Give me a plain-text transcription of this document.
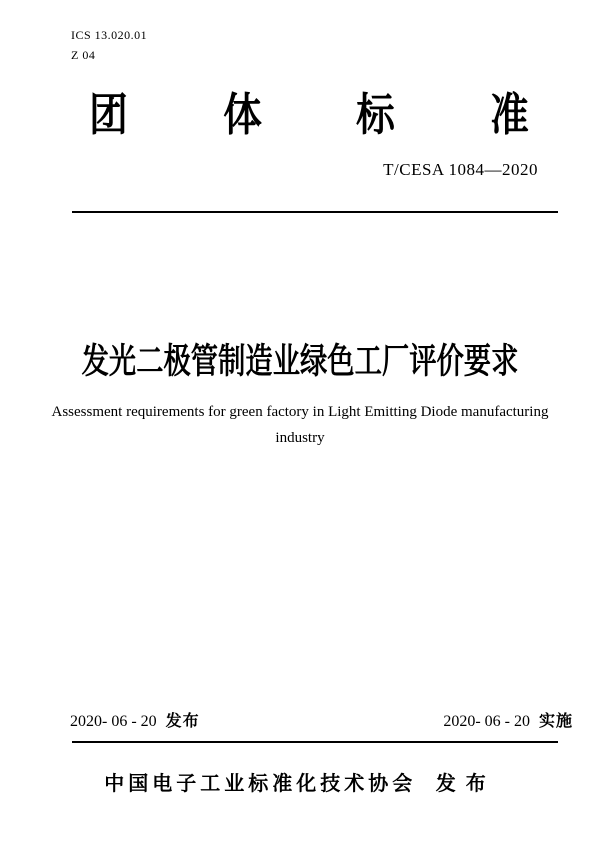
ICS 13.020.01
Z 04
团 体 标 准
T/CESA 1084—2020
发光二极管制造业绿色工厂评价要求
Assessment requirements for green factory in Light Emitting Diode manufacturing
industry
2020- 06 - 20 发布	2020- 06 - 20 实施
中国电子工业标准化技术协会 发布
